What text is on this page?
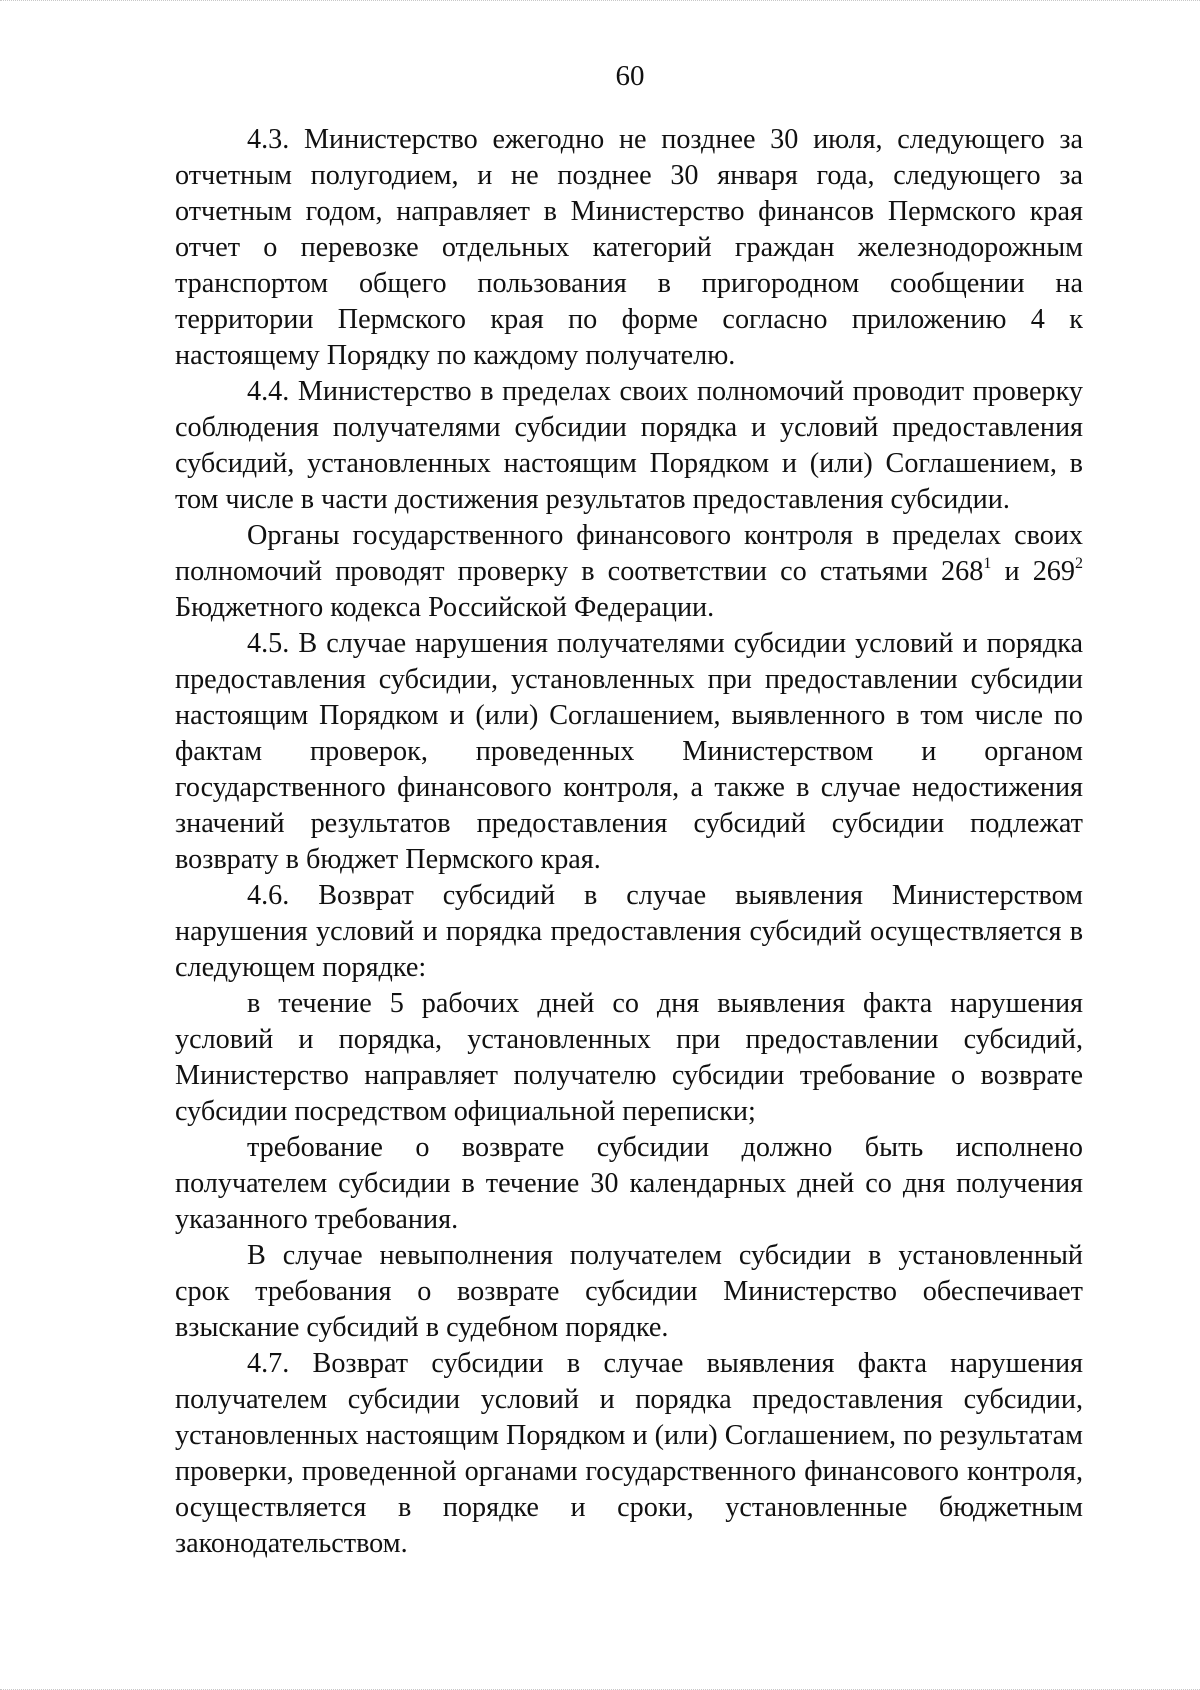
60

4.3. Министерство ежегодно не позднее 30 июля, следующего за отчетным полугодием, и не позднее 30 января года, следующего за отчетным годом, направляет в Министерство финансов Пермского края отчет о перевозке отдельных категорий граждан железнодорожным транспортом общего пользования в пригородном сообщении на территории Пермского края по форме согласно приложению 4 к настоящему Порядку по каждому получателю.

4.4. Министерство в пределах своих полномочий проводит проверку соблюдения получателями субсидии порядка и условий предоставления субсидий, установленных настоящим Порядком и (или) Соглашением, в том числе в части достижения результатов предоставления субсидии.

Органы государственного финансового контроля в пределах своих полномочий проводят проверку в соответствии со статьями $268^1$ и $269^2$ Бюджетного кодекса Российской Федерации.

4.5. В случае нарушения получателями субсидии условий и порядка предоставления субсидии, установленных при предоставлении субсидии настоящим Порядком и (или) Соглашением, выявленного в том числе по фактам проверок, проведенных Министерством и органом государственного финансового контроля, а также в случае недостижения значений результатов предоставления субсидий субсидии подлежат возврату в бюджет Пермского края.

4.6. Возврат субсидий в случае выявления Министерством нарушения условий и порядка предоставления субсидий осуществляется в следующем порядке:

в течение 5 рабочих дней со дня выявления факта нарушения условий и порядка, установленных при предоставлении субсидий, Министерство направляет получателю субсидии требование о возврате субсидии посредством официальной переписки;

требование о возврате субсидии должно быть исполнено получателем субсидии в течение 30 календарных дней со дня получения указанного требования.

В случае невыполнения получателем субсидии в установленный срок требования о возврате субсидии Министерство обеспечивает взыскание субсидий в судебном порядке.

4.7. Возврат субсидии в случае выявления факта нарушения получателем субсидии условий и порядка предоставления субсидии, установленных настоящим Порядком и (или) Соглашением, по результатам проверки, проведенной органами государственного финансового контроля, осуществляется в порядке и сроки, установленные бюджетным законодательством.
